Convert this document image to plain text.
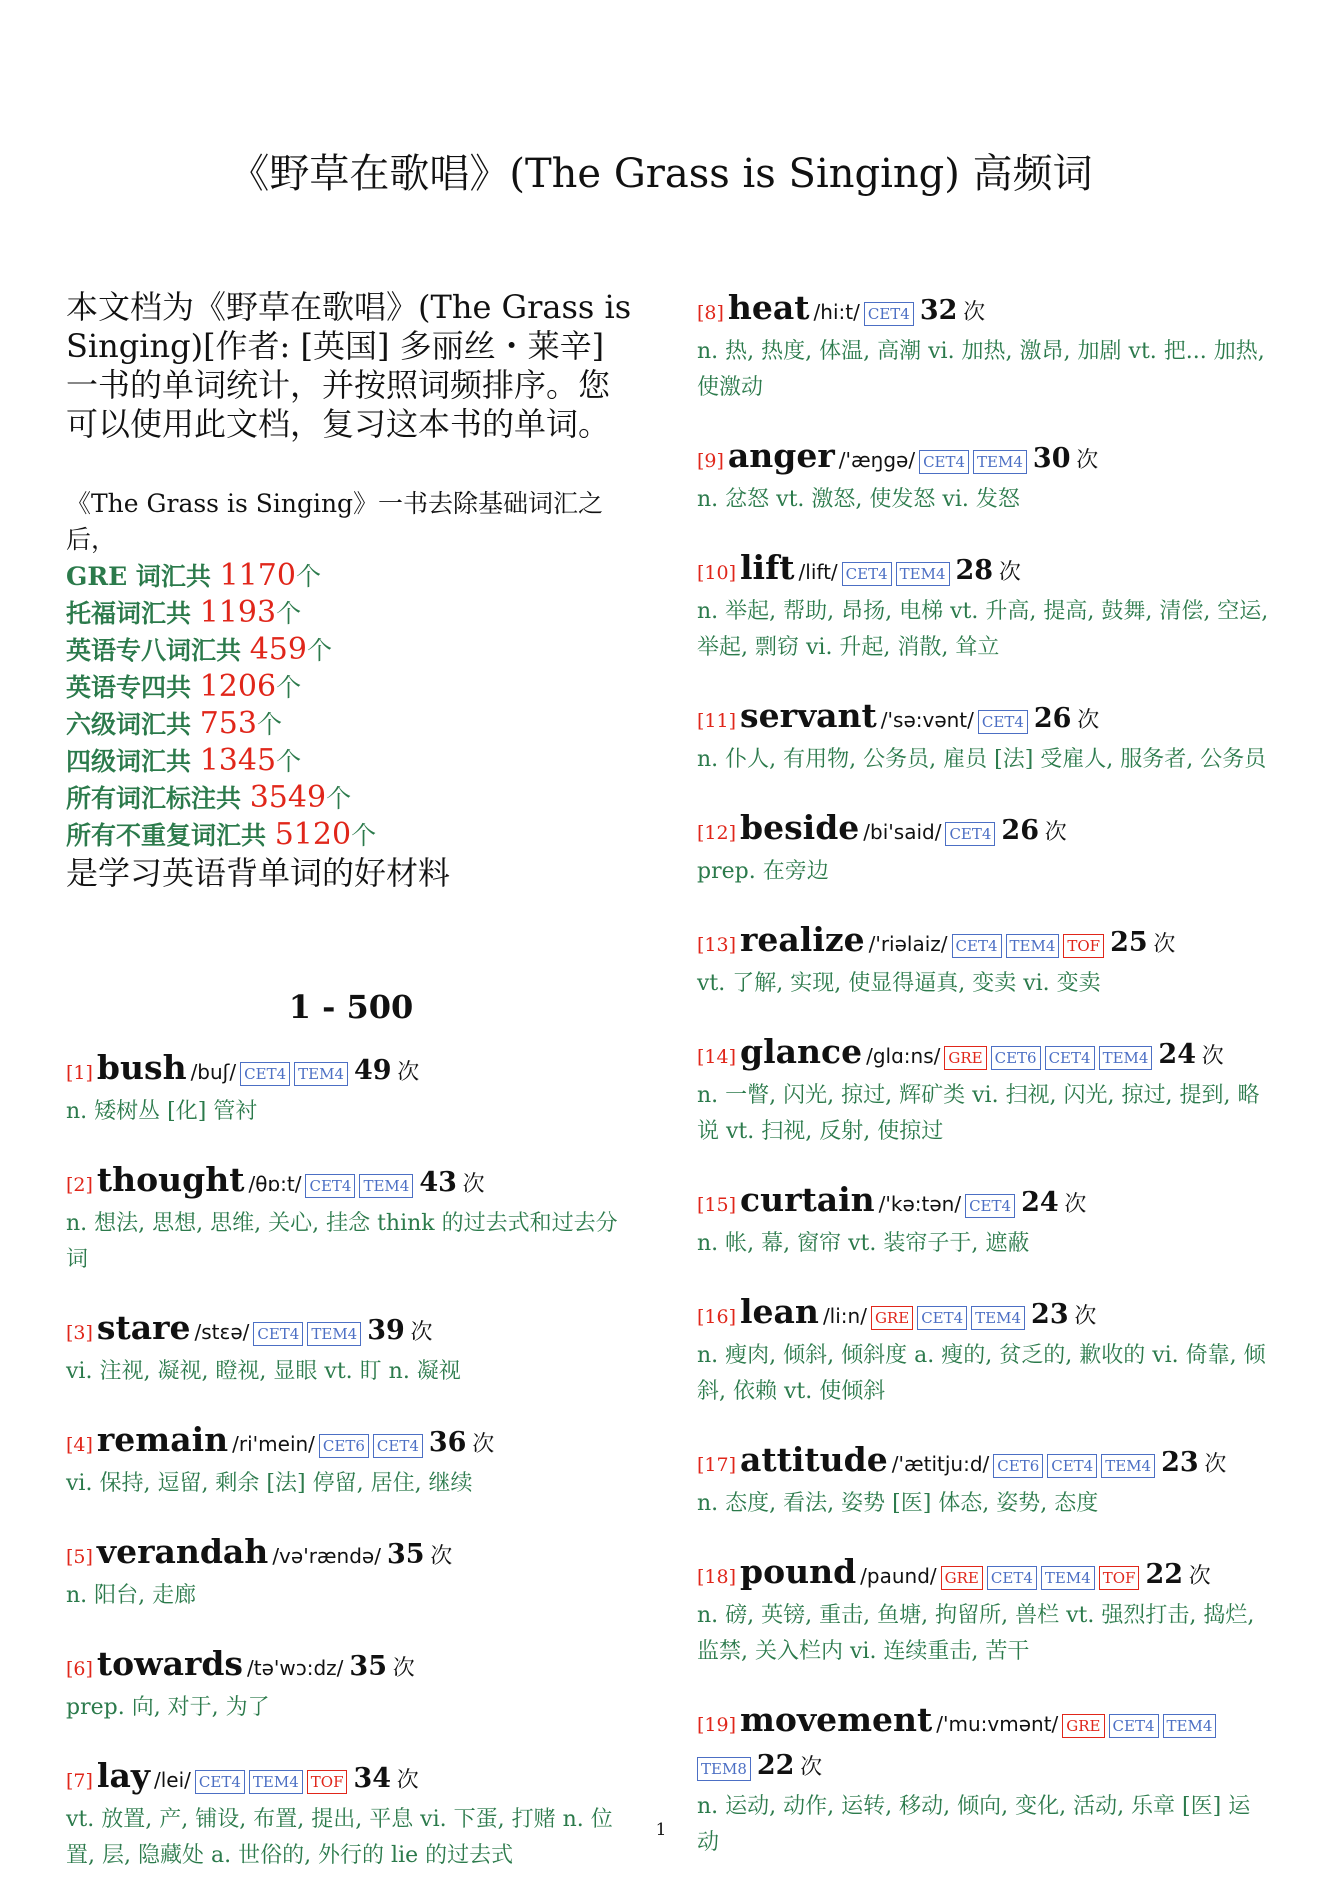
《野草在歌唱》(The Grass is Singing) 高频词
本文档为《野草在歌唱》(The Grass is Singing)[作者: [英国] 多丽丝・莱辛]一书的单词统计，并按照词频排序。您可以使用此文档，复习这本书的单词。
《The Grass is Singing》一书去除基础词汇之后，
GRE 词汇共 1170个
托福词汇共 1193个
英语专八词汇共 459个
英语专四共 1206个
六级词汇共 753个
四级词汇共 1345个
所有词汇标注共 3549个
所有不重复词汇共 5120个
是学习英语背单词的好材料
1 - 500
[1] bush /buʃ/ CET4 TEM4 49 次
n. 矮树丛 [化] 管衬
[2] thought /θɒ:t/ CET4 TEM4 43 次
n. 想法, 思想, 思维, 关心, 挂念 think 的过去式和过去分词
[3] stare /stɛə/ CET4 TEM4 39 次
vi. 注视, 凝视, 瞪视, 显眼 vt. 盯 n. 凝视
[4] remain /ri'mein/ CET6 CET4 36 次
vi. 保持, 逗留, 剩余 [法] 停留, 居住, 继续
[5] verandah /və'rændə/ 35 次
n. 阳台, 走廊
[6] towards /tə'wɔ:dz/ 35 次
prep. 向, 对于, 为了
[7] lay /lei/ CET4 TEM4 TOF 34 次
vt. 放置, 产, 铺设, 布置, 提出, 平息 vi. 下蛋, 打赌 n. 位置, 层, 隐藏处 a. 世俗的, 外行的 lie 的过去式
[8] heat /hi:t/ CET4 32 次
n. 热, 热度, 体温, 高潮 vi. 加热, 激昂, 加剧 vt. 把... 加热, 使激动
[9] anger /'æŋgə/ CET4 TEM4 30 次
n. 忿怒 vt. 激怒, 使发怒 vi. 发怒
[10] lift /lift/ CET4 TEM4 28 次
n. 举起, 帮助, 昂扬, 电梯 vt. 升高, 提高, 鼓舞, 清偿, 空运, 举起, 剽窃 vi. 升起, 消散, 耸立
[11] servant /'sə:vənt/ CET4 26 次
n. 仆人, 有用物, 公务员, 雇员 [法] 受雇人, 服务者, 公务员
[12] beside /bi'said/ CET4 26 次
prep. 在旁边
[13] realize /'riəlaiz/ CET4 TEM4 TOF 25 次
vt. 了解, 实现, 使显得逼真, 变卖 vi. 变卖
[14] glance /glɑ:ns/ GRE CET6 CET4 TEM4 24 次
n. 一瞥, 闪光, 掠过, 辉矿类 vi. 扫视, 闪光, 掠过, 提到, 略说 vt. 扫视, 反射, 使掠过
[15] curtain /'kə:tən/ CET4 24 次
n. 帐, 幕, 窗帘 vt. 装帘子于, 遮蔽
[16] lean /li:n/ GRE CET4 TEM4 23 次
n. 瘦肉, 倾斜, 倾斜度 a. 瘦的, 贫乏的, 歉收的 vi. 倚靠, 倾斜, 依赖 vt. 使倾斜
[17] attitude /'ætitju:d/ CET6 CET4 TEM4 23 次
n. 态度, 看法, 姿势 [医] 体态, 姿势, 态度
[18] pound /paund/ GRE CET4 TEM4 TOF 22 次
n. 磅, 英镑, 重击, 鱼塘, 拘留所, 兽栏 vt. 强烈打击, 捣烂, 监禁, 关入栏内 vi. 连续重击, 苦干
[19] movement /'mu:vmənt/ GRE CET4 TEM4TEM8 22 次
n. 运动, 动作, 运转, 移动, 倾向, 变化, 活动, 乐章 [医] 运动
1
